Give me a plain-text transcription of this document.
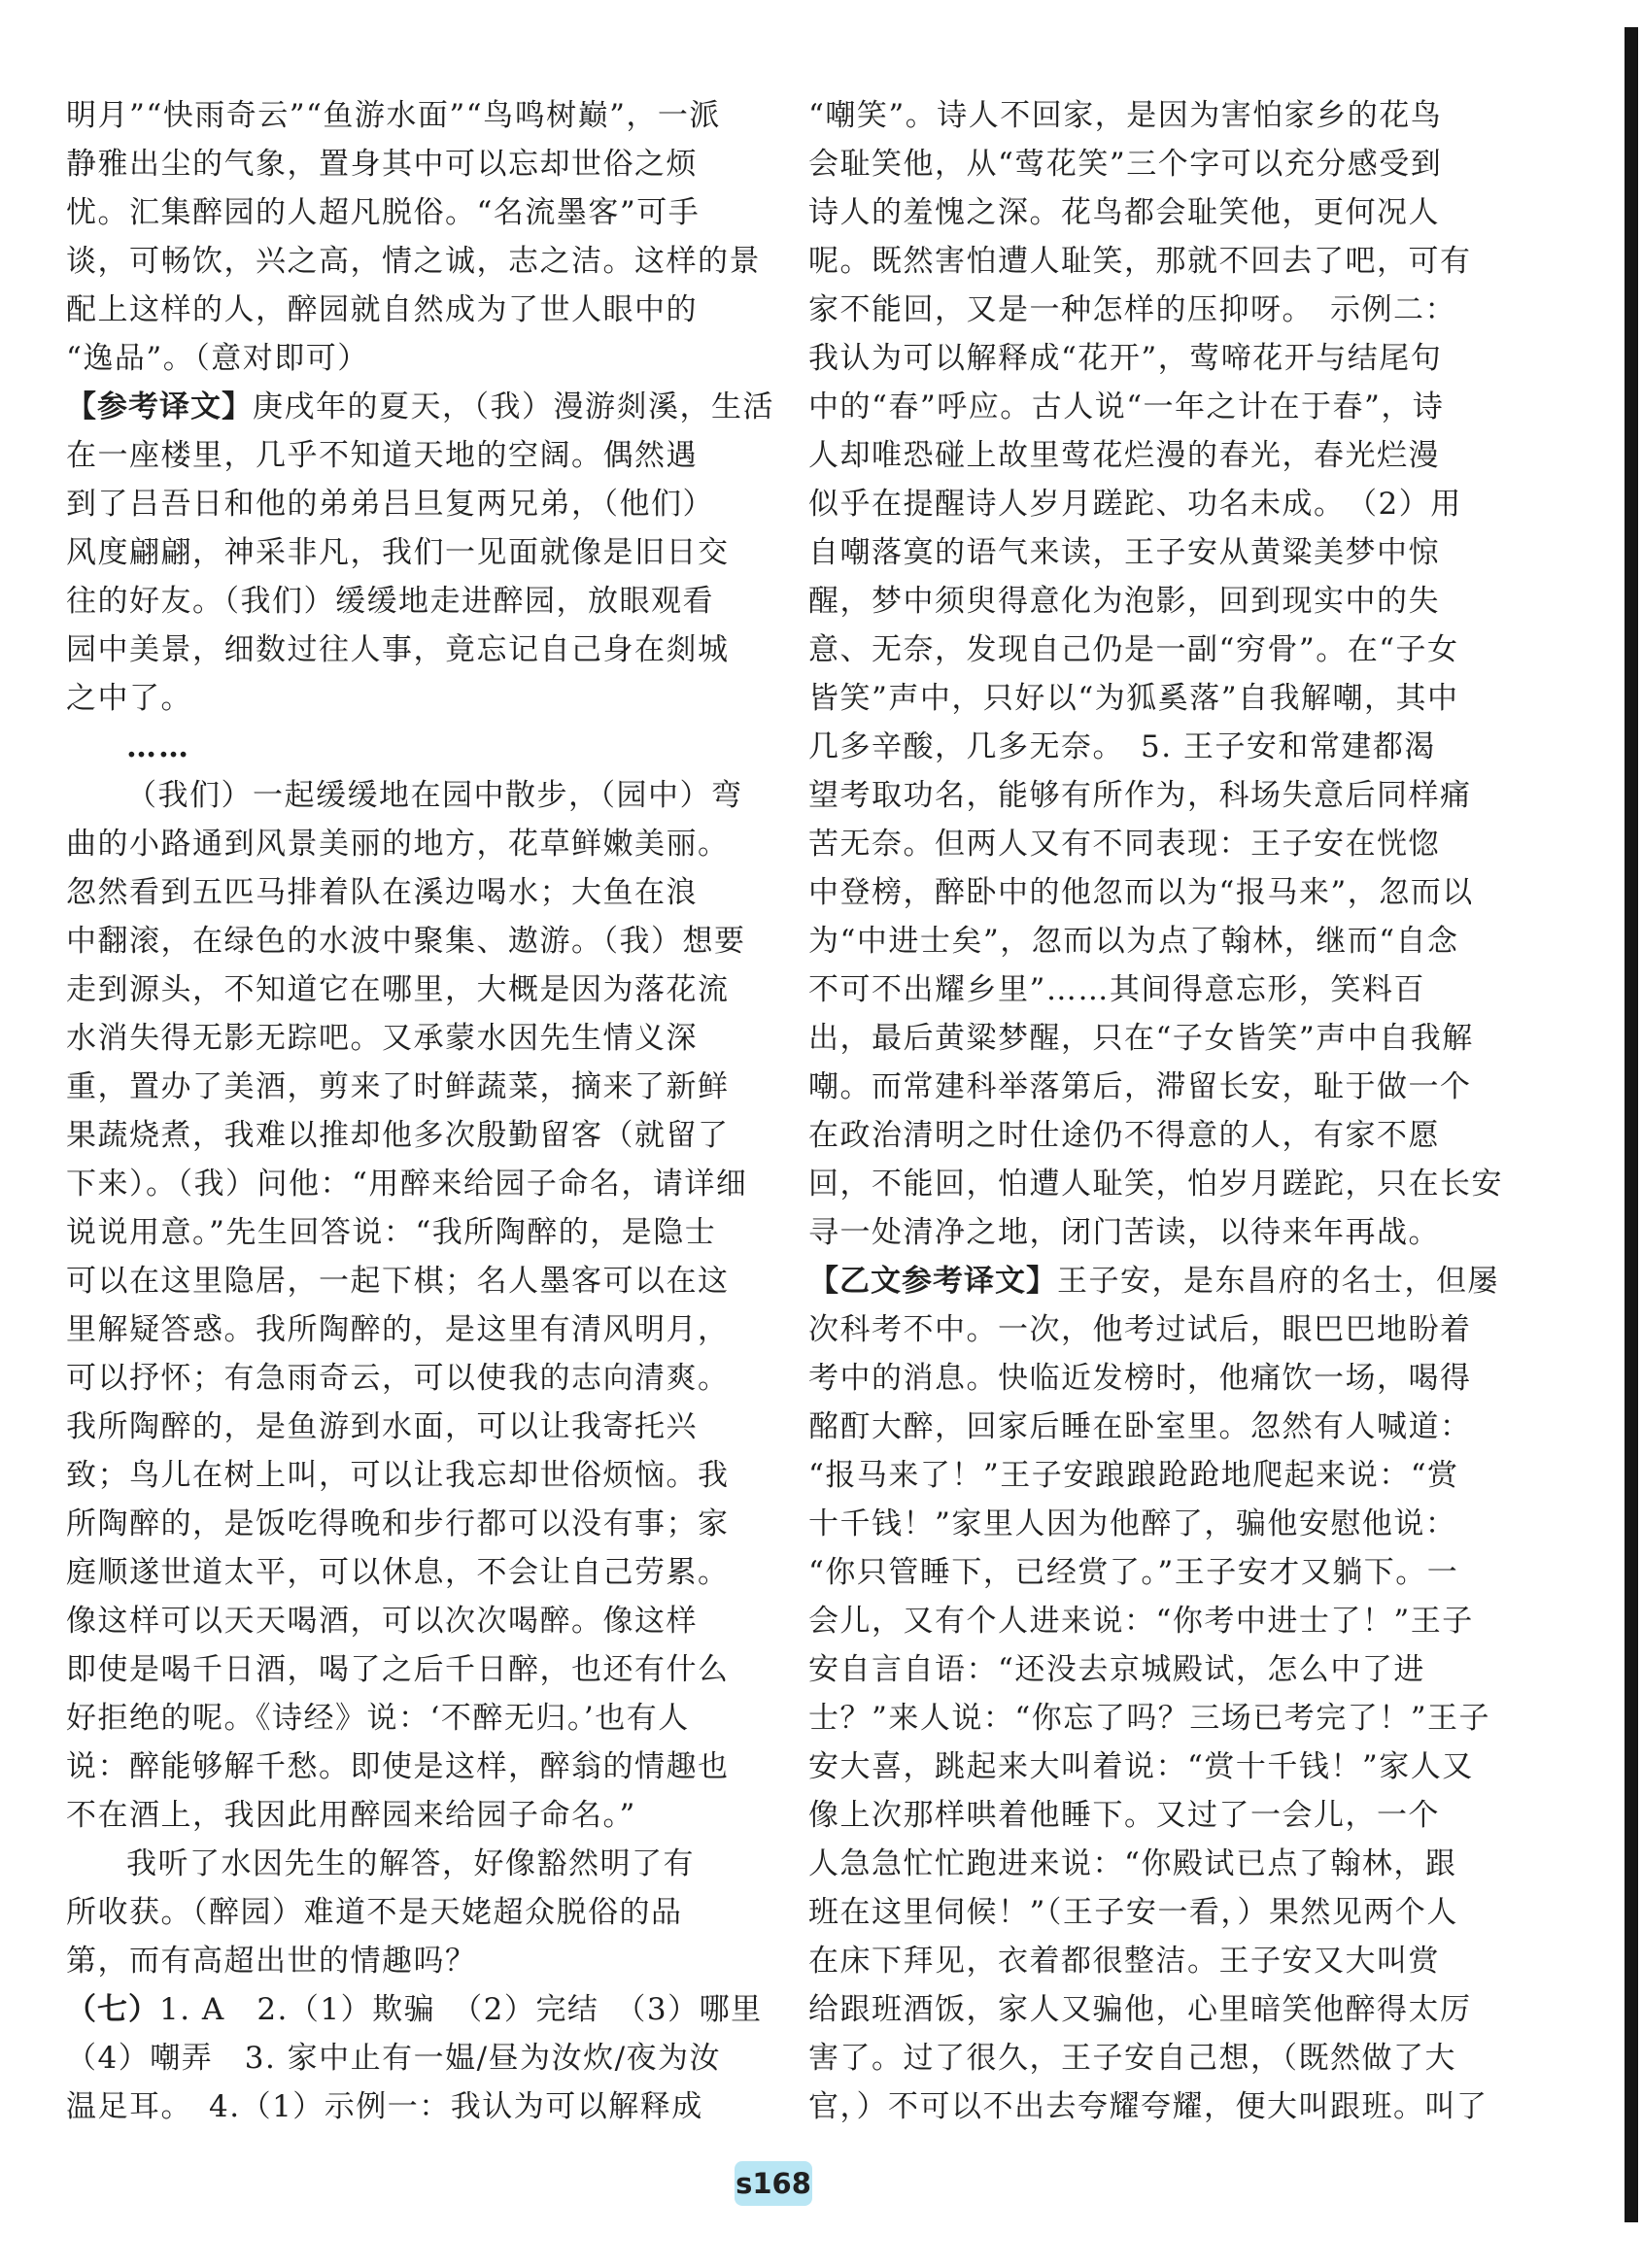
明月”“快雨奇云”“鱼游水面”“鸟鸣树巅”，一派
静雅出尘的气象，置身其中可以忘却世俗之烦
忧。汇集醉园的人超凡脱俗。“名流墨客”可手
谈，可畅饮，兴之高，情之诚，志之洁。这样的景
配上这样的人，醉园就自然成为了世人眼中的
“逸品”。（意对即可）
【参考译文】庚戌年的夏天，（我）漫游剡溪，生活
在一座楼里，几乎不知道天地的空阔。偶然遇
到了吕吾日和他的弟弟吕旦复两兄弟，（他们）
风度翩翩，神采非凡，我们一见面就像是旧日交
往的好友。（我们）缓缓地走进醉园，放眼观看
园中美景，细数过往人事，竟忘记自己身在剡城
之中了。
……
（我们）一起缓缓地在园中散步，（园中）弯
曲的小路通到风景美丽的地方，花草鲜嫩美丽。
忽然看到五匹马排着队在溪边喝水；大鱼在浪
中翻滚，在绿色的水波中聚集、遨游。（我）想要
走到源头，不知道它在哪里，大概是因为落花流
水消失得无影无踪吧。又承蒙水因先生情义深
重，置办了美酒，剪来了时鲜蔬菜，摘来了新鲜
果蔬烧煮，我难以推却他多次殷勤留客（就留了
下来）。（我）问他：“用醉来给园子命名，请详细
说说用意。”先生回答说：“我所陶醉的，是隐士
可以在这里隐居，一起下棋；名人墨客可以在这
里解疑答惑。我所陶醉的，是这里有清风明月，
可以抒怀；有急雨奇云，可以使我的志向清爽。
我所陶醉的，是鱼游到水面，可以让我寄托兴
致；鸟儿在树上叫，可以让我忘却世俗烦恼。我
所陶醉的，是饭吃得晚和步行都可以没有事；家
庭顺遂世道太平，可以休息，不会让自己劳累。
像这样可以天天喝酒，可以次次喝醉。像这样
即使是喝千日酒，喝了之后千日醉，也还有什么
好拒绝的呢。《诗经》说：‘不醉无归。’也有人
说：醉能够解千愁。即使是这样，醉翁的情趣也
不在酒上，我因此用醉园来给园子命名。”
我听了水因先生的解答，好像豁然明了有
所收获。（醉园）难道不是天姥超众脱俗的品
第，而有高超出世的情趣吗？
（七）1. A　2.（1）欺骗　（2）完结　（3）哪里
（4）嘲弄　3. 家中止有一媪/昼为汝炊/夜为汝
温足耳。　4.（1）示例一：我认为可以解释成
“嘲笑”。诗人不回家，是因为害怕家乡的花鸟
会耻笑他，从“莺花笑”三个字可以充分感受到
诗人的羞愧之深。花鸟都会耻笑他，更何况人
呢。既然害怕遭人耻笑，那就不回去了吧，可有
家不能回，又是一种怎样的压抑呀。　示例二：
我认为可以解释成“花开”，莺啼花开与结尾句
中的“春”呼应。古人说“一年之计在于春”，诗
人却唯恐碰上故里莺花烂漫的春光，春光烂漫
似乎在提醒诗人岁月蹉跎、功名未成。　（2）用
自嘲落寞的语气来读，王子安从黄粱美梦中惊
醒，梦中须臾得意化为泡影，回到现实中的失
意、无奈，发现自己仍是一副“穷骨”。在“子女
皆笑”声中，只好以“为狐奚落”自我解嘲，其中
几多辛酸，几多无奈。　5. 王子安和常建都渴
望考取功名，能够有所作为，科场失意后同样痛
苦无奈。但两人又有不同表现：王子安在恍惚
中登榜，醉卧中的他忽而以为“报马来”，忽而以
为“中进士矣”，忽而以为点了翰林，继而“自念
不可不出耀乡里”……其间得意忘形，笑料百
出，最后黄粱梦醒，只在“子女皆笑”声中自我解
嘲。而常建科举落第后，滞留长安，耻于做一个
在政治清明之时仕途仍不得意的人，有家不愿
回，不能回，怕遭人耻笑，怕岁月蹉跎，只在长安
寻一处清净之地，闭门苦读，以待来年再战。
【乙文参考译文】王子安，是东昌府的名士，但屡
次科考不中。一次，他考过试后，眼巴巴地盼着
考中的消息。快临近发榜时，他痛饮一场，喝得
酩酊大醉，回家后睡在卧室里。忽然有人喊道：
“报马来了！”王子安踉踉跄跄地爬起来说：“赏
十千钱！”家里人因为他醉了，骗他安慰他说：
“你只管睡下，已经赏了。”王子安才又躺下。一
会儿，又有个人进来说：“你考中进士了！”王子
安自言自语：“还没去京城殿试，怎么中了进
士？”来人说：“你忘了吗？三场已考完了！”王子
安大喜，跳起来大叫着说：“赏十千钱！”家人又
像上次那样哄着他睡下。又过了一会儿，一个
人急急忙忙跑进来说：“你殿试已点了翰林，跟
班在这里伺候！”（王子安一看，）果然见两个人
在床下拜见，衣着都很整洁。王子安又大叫赏
给跟班酒饭，家人又骗他，心里暗笑他醉得太厉
害了。过了很久，王子安自己想，（既然做了大
官，）不可以不出去夸耀夸耀，便大叫跟班。叫了
s168
